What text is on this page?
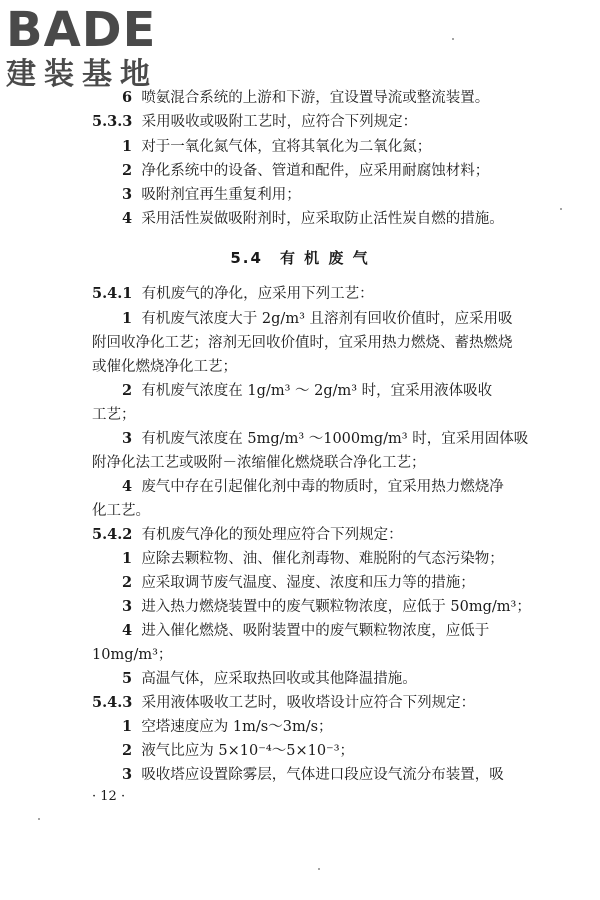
BADE
建装基地
6 喷氨混合系统的上游和下游，宜设置导流或整流装置。
5.3.3 采用吸收或吸附工艺时，应符合下列规定：
1 对于一氧化氮气体，宜将其氧化为二氧化氮；
2 净化系统中的设备、管道和配件，应采用耐腐蚀材料；
3 吸附剂宜再生重复利用；
4 采用活性炭做吸附剂时，应采取防止活性炭自燃的措施。
5.4　有 机 废 气
5.4.1 有机废气的净化，应采用下列工艺：
1 有机废气浓度大于 2g/m³ 且溶剂有回收价值时，应采用吸
附回收净化工艺；溶剂无回收价值时，宜采用热力燃烧、蓄热燃烧
或催化燃烧净化工艺；
2 有机废气浓度在 1g/m³ ～ 2g/m³ 时，宜采用液体吸收
工艺；
3 有机废气浓度在 5mg/m³ ～1000mg/m³ 时，宜采用固体吸
附净化法工艺或吸附－浓缩催化燃烧联合净化工艺；
4 废气中存在引起催化剂中毒的物质时，宜采用热力燃烧净
化工艺。
5.4.2 有机废气净化的预处理应符合下列规定：
1 应除去颗粒物、油、催化剂毒物、难脱附的气态污染物；
2 应采取调节废气温度、湿度、浓度和压力等的措施；
3 进入热力燃烧装置中的废气颗粒物浓度，应低于 50mg/m³；
4 进入催化燃烧、吸附装置中的废气颗粒物浓度，应低于
10mg/m³；
5 高温气体，应采取热回收或其他降温措施。
5.4.3 采用液体吸收工艺时，吸收塔设计应符合下列规定：
1 空塔速度应为 1m/s～3m/s；
2 液气比应为 5×10⁻⁴～5×10⁻³；
3 吸收塔应设置除雾层，气体进口段应设气流分布装置，吸
· 12 ·
